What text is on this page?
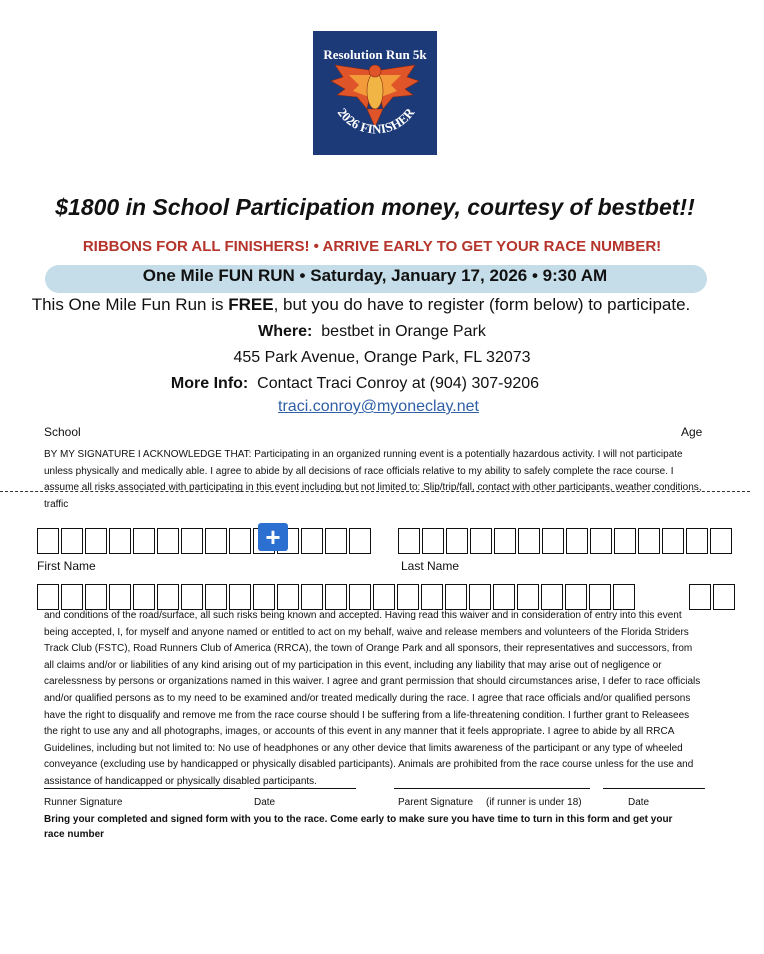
Resolution Run 5k
2026 FINISHER
$1800 in School Participation money, courtesy of bestbet!!
RIBBONS FOR ALL FINISHERS! • ARRIVE EARLY TO GET YOUR RACE NUMBER!
One Mile FUN RUN • Saturday, January 17, 2026 • 9:30 AM
This One Mile Fun Run is FREE, but you do have to register (form below) to participate.
Where: bestbet in Orange Park
455 Park Avenue, Orange Park, FL 32073
More Info: Contact Traci Conroy at (904) 307-9206
traci.conroy@myoneclay.net
School	Age
BY MY SIGNATURE I ACKNOWLEDGE THAT: Participating in an organized running event is a potentially hazardous activity. I will not participate unless physically and medically able. I agree to abide by all decisions of race officials relative to my ability to safely complete the race course. I assume all risks associated with participating in this event including but not limited to: Slip/trip/fall, contact with other participants, weather conditions, traffic
+
First Name	Last Name
and conditions of the road/surface, all such risks being known and accepted. Having read this waiver and in consideration of entry into this event being accepted, I, for myself and anyone named or entitled to act on my behalf, waive and release members and volunteers of the Florida Striders Track Club (FSTC), Road Runners Club of America (RRCA), the town of Orange Park and all sponsors, their representatives and successors, from all claims and/or or liabilities of any kind arising out of my participation in this event, including any liability that may arise out of negligence or carelessness by persons or organizations named in this waiver. I agree and grant permission that should circumstances arise, I defer to race officials and/or qualified persons as to my need to be examined and/or treated medically during the race. I agree that race officials and/or qualified persons have the right to disqualify and remove me from the race course should I be suffering from a life-threatening condition. I further grant to Releasees the right to use any and all photographs, images, or accounts of this event in any manner that it feels appropriate. I agree to abide by all RRCA Guidelines, including but not limited to: No use of headphones or any other device that limits awareness of the participant or any type of wheeled conveyance (excluding use by handicapped or physically disabled participants). Animals are prohibited from the race course unless for the use and assistance of handicapped or physically disabled participants.
Runner Signature	Date	Parent Signature (if runner is under 18)	Date
Bring your completed and signed form with you to the race. Come early to make sure you have time to turn in this form and get your race number
